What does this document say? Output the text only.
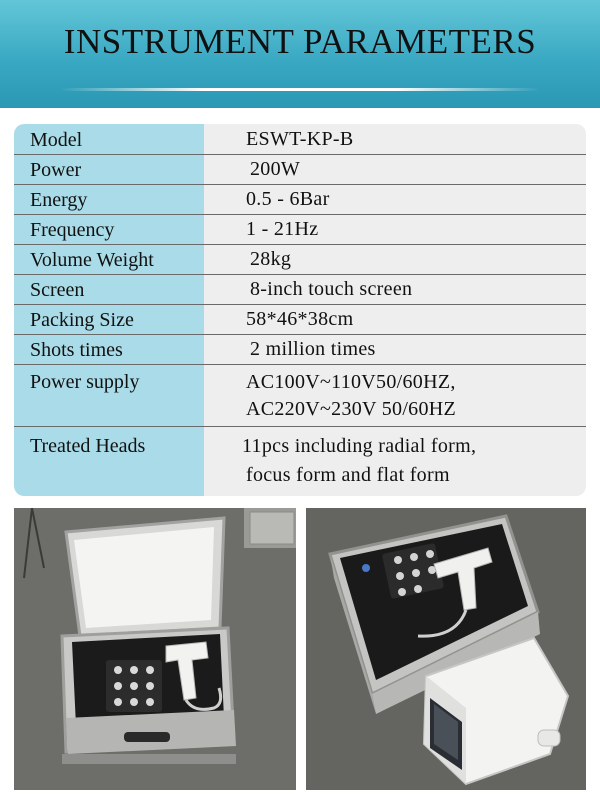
INSTRUMENT PARAMETERS
Model	ESWT-KP-B
Power	200W
Energy	0.5 - 6Bar
Frequency	1 - 21Hz
Volume Weight	28kg
Screen	8-inch touch screen
Packing Size	58*46*38cm
Shots times	2 million times
Power supply	AC100V~110V50/60HZ,
AC220V~230V 50/60HZ
Treated Heads	11pcs including radial form,
focus form and flat form
